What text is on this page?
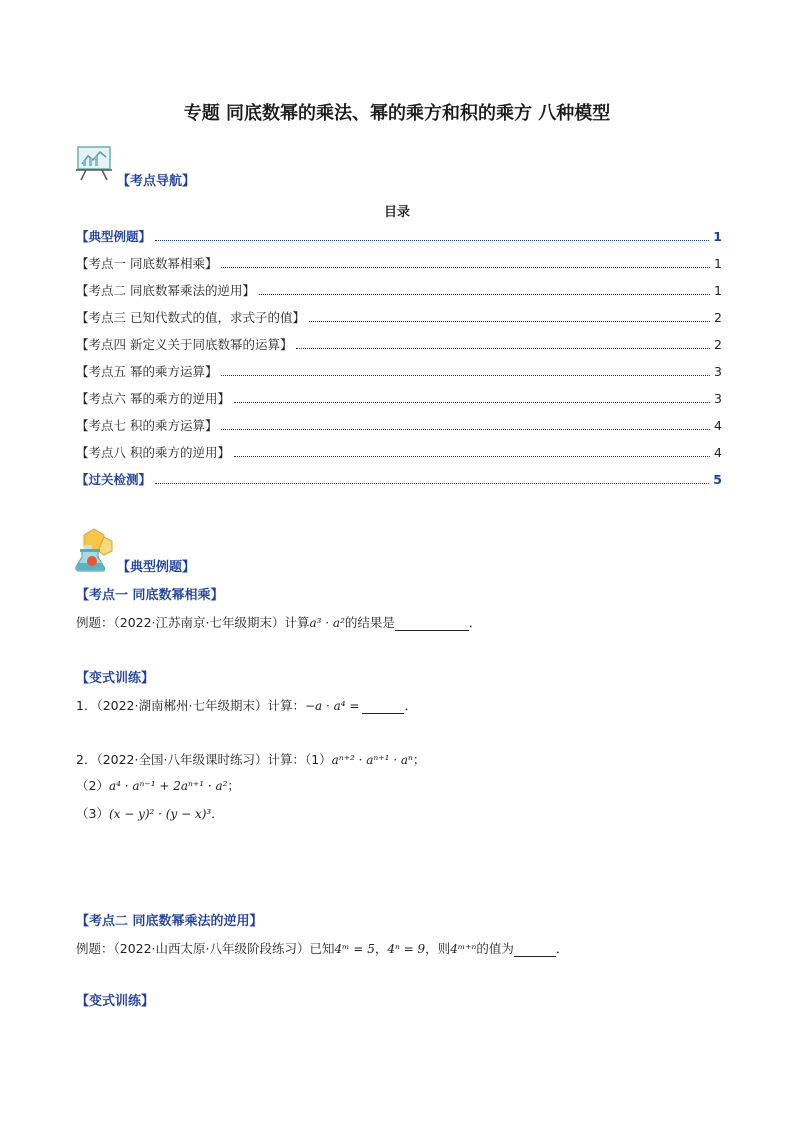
专题 同底数幂的乘法、幂的乘方和积的乘方 八种模型
【考点导航】
目录
【典型例题】	1
【考点一 同底数幂相乘】	1
【考点二 同底数幂乘法的逆用】	1
【考点三 已知代数式的值，求式子的值】	2
【考点四 新定义关于同底数幂的运算】	2
【考点五 幂的乘方运算】	3
【考点六 幂的乘方的逆用】	3
【考点七 积的乘方运算】	4
【考点八 积的乘方的逆用】	4
【过关检测】	5
【典型例题】
【考点一 同底数幂相乘】
例题：（2022·江苏南京·七年级期末）计算a³ · a²的结果是	．
【变式训练】
1．（2022·湖南郴州·七年级期末）计算：−a · a⁴ =	．
2．（2022·全国·八年级课时练习）计算：（1）aⁿ⁺² · aⁿ⁺¹ · aⁿ；
（2）a⁴ · aⁿ⁻¹ + 2aⁿ⁺¹ · a²；
（3）(x − y)² · (y − x)³．
【考点二 同底数幂乘法的逆用】
例题：（2022·山西太原·八年级阶段练习）已知4ᵐ = 5，4ⁿ = 9，则4ᵐ⁺ⁿ的值为	．
【变式训练】
